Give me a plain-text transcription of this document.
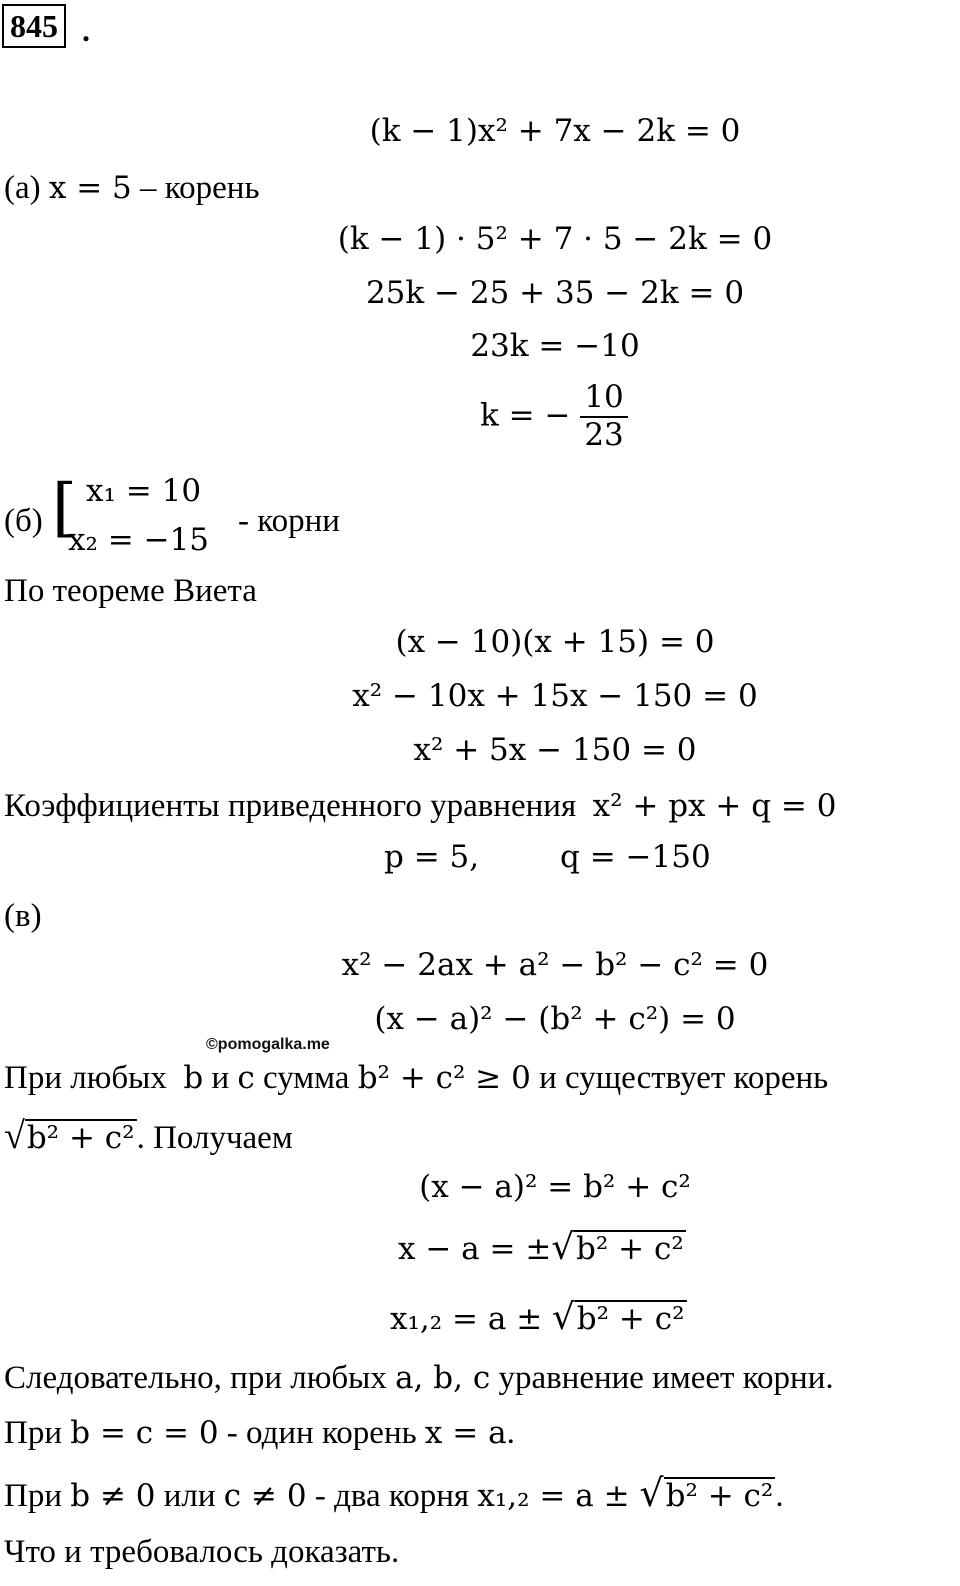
845 .
(k − 1)x² + 7x − 2k = 0
(а) x = 5 – корень
(k − 1) · 5² + 7 · 5 − 2k = 0
25k − 25 + 35 − 2k = 0
23k = −10
k = − $\frac{10}{23}$
(б) [ x₁ = 10
x₂ = −15
- корни
По теореме Виета
(x − 10)(x + 15) = 0
x² − 10x + 15x − 150 = 0
x² + 5x − 150 = 0
Коэффициенты приведенного уравнения x² + px + q = 0
p = 5,	q = −150
(в)
x² − 2ax + a² − b² − c² = 0
(x − a)² − (b² + c²) = 0
©pomogalka.me
При любых b и c сумма b² + c² ≥ 0 и существует корень
√b² + c². Получаем
(x − a)² = b² + c²
x − a = ±√b² + c²
x₁,₂ = a ± √b² + c²
Следовательно, при любых a, b, c уравнение имеет корни.
При b = c = 0 - один корень x = a.
При b ≠ 0 или c ≠ 0 - два корня x₁,₂ = a ± √b² + c².
Что и требовалось доказать.
